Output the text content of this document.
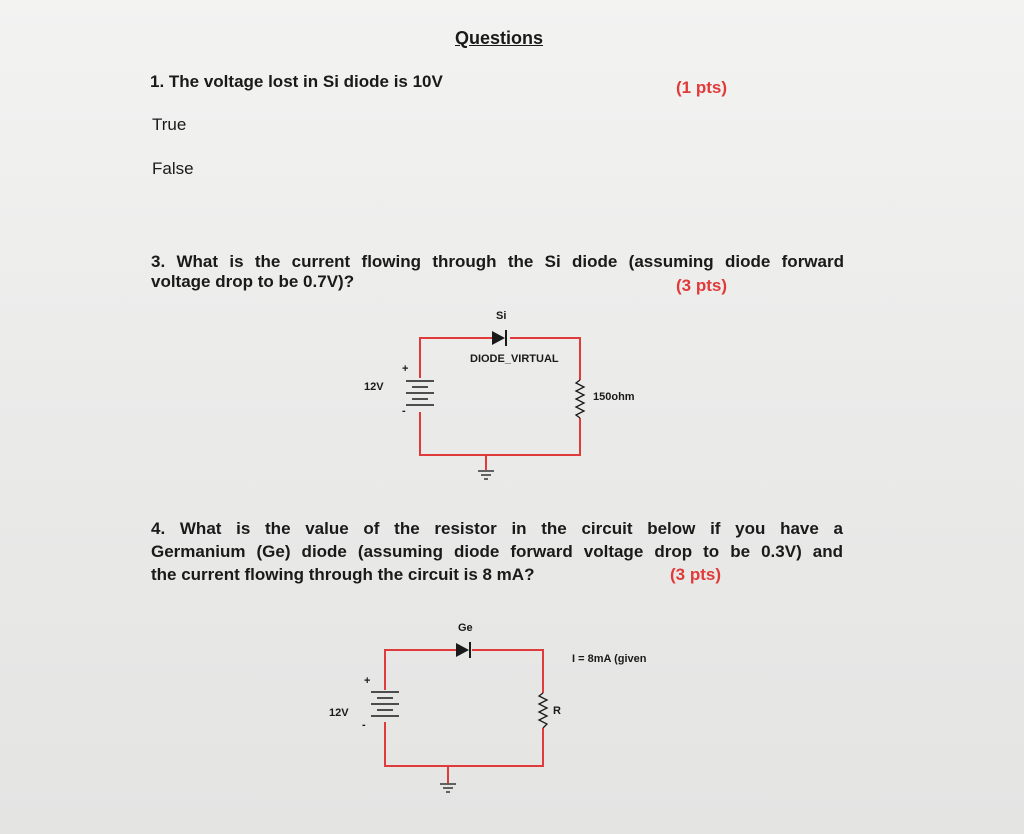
Questions
1. The voltage lost in Si diode is 10V	(1 pts)
True
False
3. What is the current flowing through the Si diode (assuming diode forward
voltage drop to be 0.7V)?	(3 pts)
Si
DIODE_VIRTUAL
12V
+
-
150ohm
Ge
12V
+
-
R
I = 8mA (given
4. What is the value of the resistor in the circuit below if you have a
Germanium (Ge) diode (assuming diode forward voltage drop to be 0.3V) and
the current flowing through the circuit is 8 mA?	(3 pts)
